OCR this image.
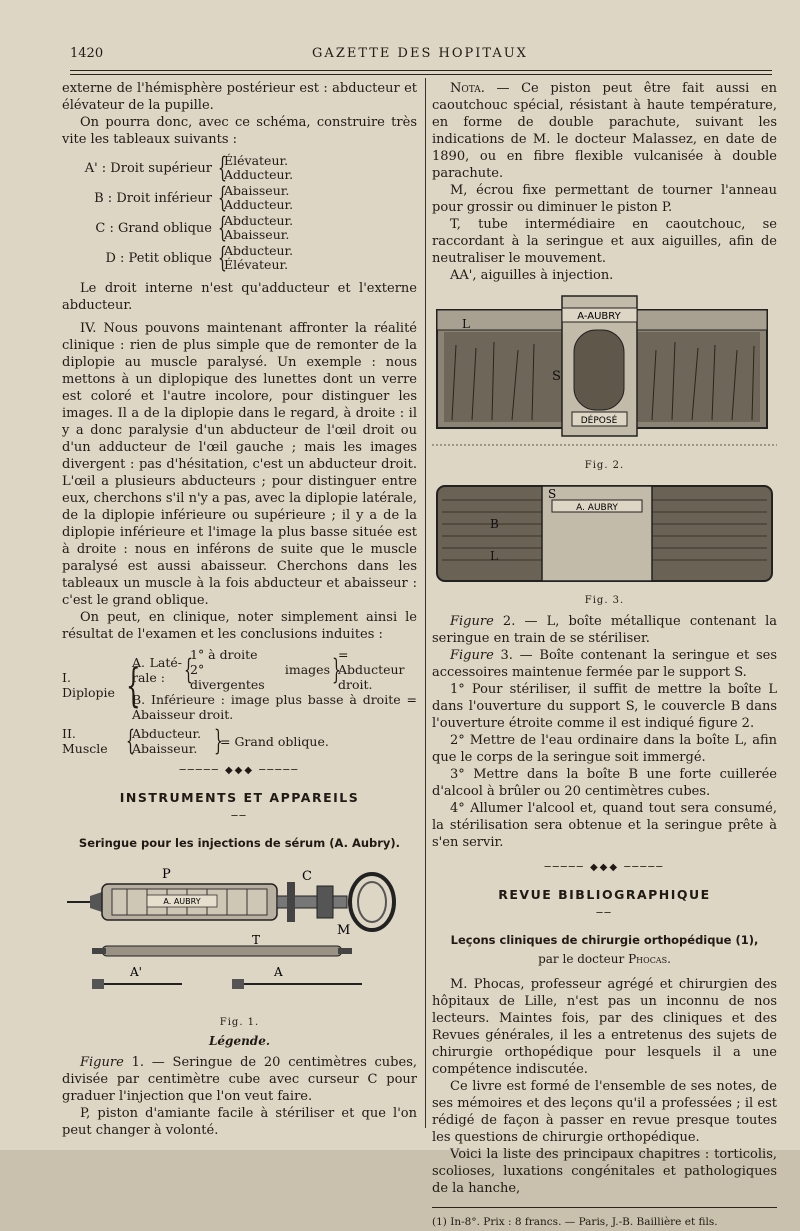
1420	GAZETTE DES HOPITAUX

externe de l'hémisphère postérieur est : abducteur et élévateur de la pupille.

On pourra donc, avec ce schéma, construire très vite les tableaux suivants :

A' : Droit supérieur {
Élévateur.
Adducteur.
B : Droit inférieur {
Abaisseur.
Adducteur.
C : Grand oblique {
Abducteur.
Abaisseur.
D : Petit oblique {
Abducteur.
Élévateur.

Le droit interne n'est qu'adducteur et l'externe abducteur.

IV. Nous pouvons maintenant affronter la réalité clinique : rien de plus simple que de remonter de la diplopie au muscle paralysé. Un exemple : nous mettons à un diplopique des lunettes dont un verre est coloré et l'autre incolore, pour distinguer les images. Il a de la diplopie dans le regard, à droite : il y a donc paralysie d'un abducteur de l'œil droit ou d'un adducteur de l'œil gauche ; mais les images divergent : pas d'hésitation, c'est un abducteur droit. L'œil a plusieurs abducteurs ; pour distinguer entre eux, cherchons s'il n'y a pas, avec la diplopie latérale, de la diplopie inférieure ou supérieure ; il y a de la diplopie inférieure et l'image la plus basse située est à droite : nous en inférons de suite que le muscle paralysé est aussi abaisseur. Cherchons dans les tableaux un muscle à la fois abducteur et abaisseur : c'est le grand oblique.

On peut, en clinique, noter simplement ainsi le résultat de l'examen et les conclusions induites :

I. Diplopie {
A. Laté-rale : {
1° à droite
2° images divergentes	}
= Abducteur droit.
B. Inférieure : image plus basse à droite = Abaisseur droit.
II. Muscle {
Abducteur.
Abaisseur. }
= Grand oblique.
───── ◆◆◆ ─────
INSTRUMENTS ET APPAREILS
──
Seringue pour les injections de sérum (A. Aubry).
A. AUBRY
P	C
M
T
A'	A
Fig. 1.
Légende.

Figure 1. — Seringue de 20 centimètres cubes, divisée par centimètre cube avec curseur C pour graduer l'injection que l'on veut faire.

P, piston d'amiante facile à stériliser et que l'on peut changer à volonté.

Nota. — Ce piston peut être fait aussi en caoutchouc spécial, résistant à haute température, en forme de double parachute, suivant les indications de M. le docteur Malassez, en date de 1890, ou en fibre flexible vulcanisée à double parachute.

M, écrou fixe permettant de tourner l'anneau pour grossir ou diminuer le piston P.

T, tube intermédiaire en caoutchouc, se raccordant à la seringue et aux aiguilles, afin de neutraliser le mouvement.

AA', aiguilles à injection.

A-AUBRY
L
S
DÉPOSÉ
Fig. 2.
A. AUBRY
S
B
L
Fig. 3.

Figure 2. — L, boîte métallique contenant la seringue en train de se stériliser.

Figure 3. — Boîte contenant la seringue et ses accessoires maintenue fermée par le support S.

1° Pour stériliser, il suffit de mettre la boîte L dans l'ouverture du support S, le couvercle B dans l'ouverture étroite comme il est indiqué figure 2.

2° Mettre de l'eau ordinaire dans la boîte L, afin que le corps de la seringue soit immergé.

3° Mettre dans la boîte B une forte cuillerée d'alcool à brûler ou 20 centimètres cubes.

4° Allumer l'alcool et, quand tout sera consumé, la stérilisation sera obtenue et la seringue prête à s'en servir.

───── ◆◆◆ ─────
REVUE BIBLIOGRAPHIQUE
──
Leçons cliniques de chirurgie orthopédique (1),
par le docteur Phocas.

M. Phocas, professeur agrégé et chirurgien des hôpitaux de Lille, n'est pas un inconnu de nos lecteurs. Maintes fois, par des cliniques et des Revues générales, il les a entretenus des sujets de chirurgie orthopédique pour lesquels il a une compétence indiscutée.

Ce livre est formé de l'ensemble de ses notes, de ses mémoires et des leçons qu'il a professées ; il est rédigé de façon à passer en revue presque toutes les questions de chirurgie orthopédique.

Voici la liste des principaux chapitres : torticolis, scolioses, luxations congénitales et pathologiques de la hanche,

(1) In-8°. Prix : 8 francs. — Paris, J.-B. Baillière et fils.
